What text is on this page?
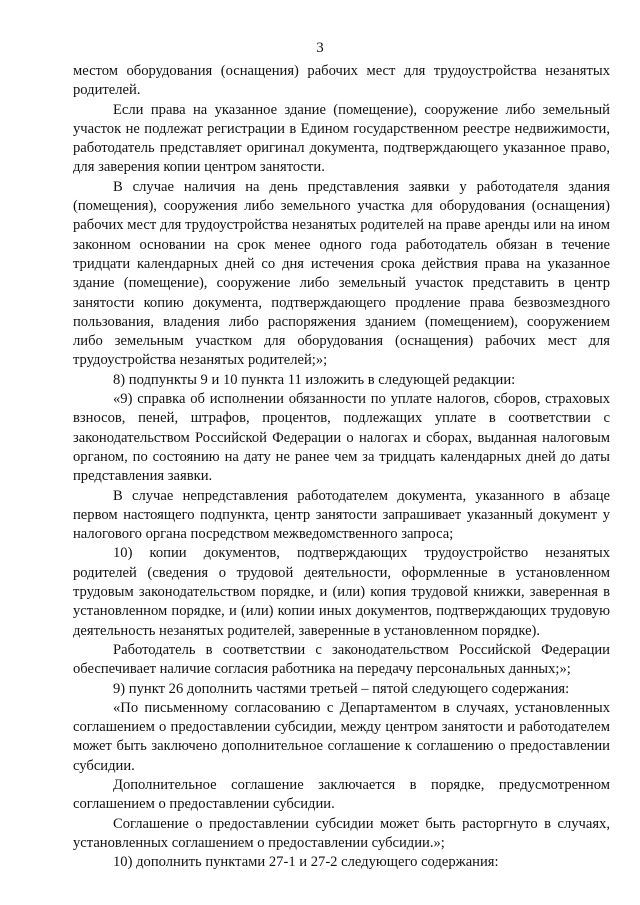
3

местом оборудования (оснащения) рабочих мест для трудоустройства незанятых родителей.

Если права на указанное здание (помещение), сооружение либо земельный участок не подлежат регистрации в Едином государственном реестре недвижимости, работодатель представляет оригинал документа, подтверждающего указанное право, для заверения копии центром занятости.

В случае наличия на день представления заявки у работодателя здания (помещения), сооружения либо земельного участка для оборудования (оснащения) рабочих мест для трудоустройства незанятых родителей на праве аренды или на ином законном основании на срок менее одного года работодатель обязан в течение тридцати календарных дней со дня истечения срока действия права на указанное здание (помещение), сооружение либо земельный участок представить в центр занятости копию документа, подтверждающего продление права безвозмездного пользования, владения либо распоряжения зданием (помещением), сооружением либо земельным участком для оборудования (оснащения) рабочих мест для трудоустройства незанятых родителей;»;

8) подпункты 9 и 10 пункта 11 изложить в следующей редакции:

«9) справка об исполнении обязанности по уплате налогов, сборов, страховых взносов, пеней, штрафов, процентов, подлежащих уплате в соответствии с законодательством Российской Федерации о налогах и сборах, выданная налоговым органом, по состоянию на дату не ранее чем за тридцать календарных дней до даты представления заявки.

В случае непредставления работодателем документа, указанного в абзаце первом настоящего подпункта, центр занятости запрашивает указанный документ у налогового органа посредством межведомственного запроса;

10) копии документов, подтверждающих трудоустройство незанятых родителей (сведения о трудовой деятельности, оформленные в установленном трудовым законодательством порядке, и (или) копия трудовой книжки, заверенная в установленном порядке, и (или) копии иных документов, подтверждающих трудовую деятельность незанятых родителей, заверенные в установленном порядке).

Работодатель в соответствии с законодательством Российской Федерации обеспечивает наличие согласия работника на передачу персональных данных;»;

9) пункт 26 дополнить частями третьей – пятой следующего содержания:

«По письменному согласованию с Департаментом в случаях, установленных соглашением о предоставлении субсидии, между центром занятости и работодателем может быть заключено дополнительное соглашение к соглашению о предоставлении субсидии.

Дополнительное соглашение заключается в порядке, предусмотренном соглашением о предоставлении субсидии.

Соглашение о предоставлении субсидии может быть расторгнуто в случаях, установленных соглашением о предоставлении субсидии.»;

10) дополнить пунктами 27-1 и 27-2 следующего содержания:
